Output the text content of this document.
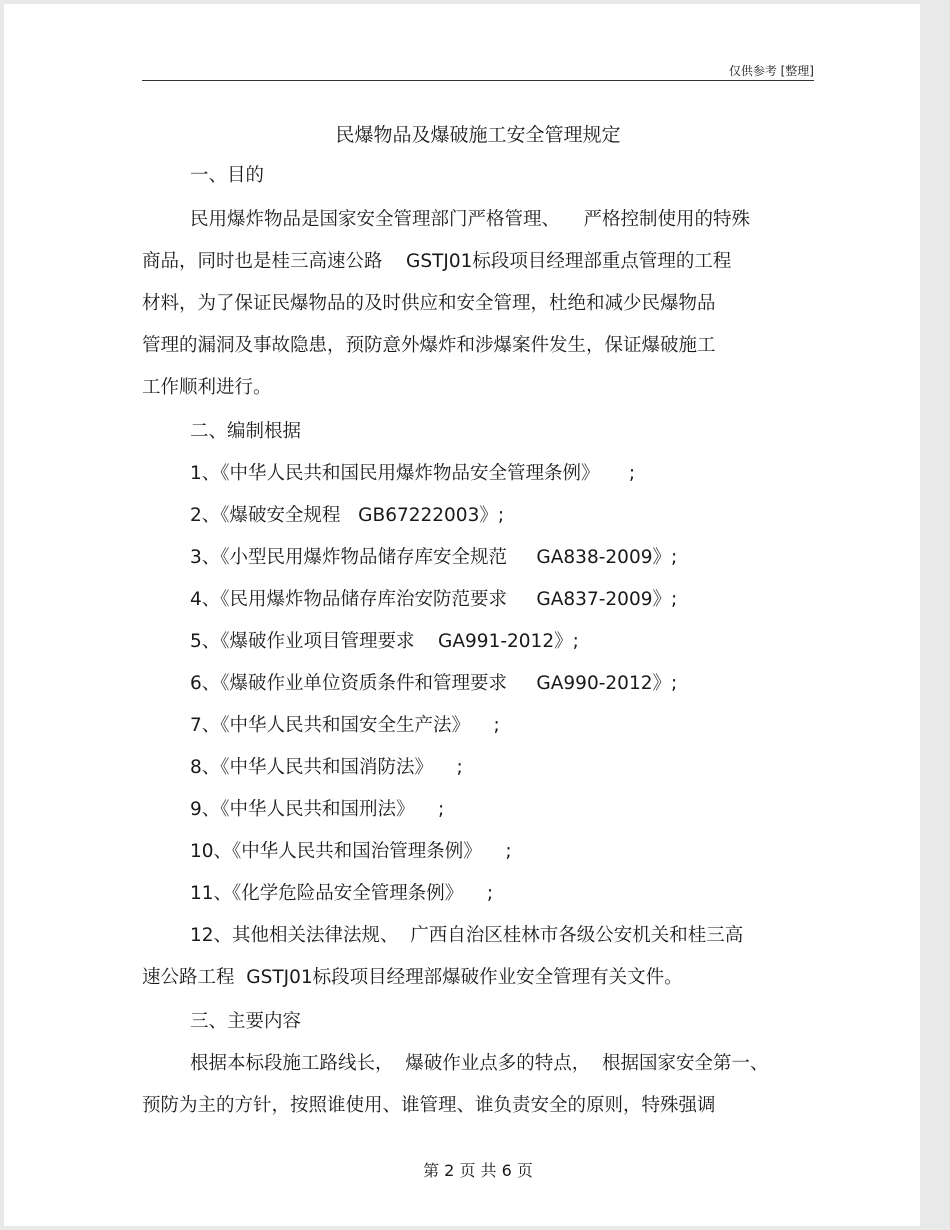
仅供参考 [整理]
民爆物品及爆破施工安全管理规定
一、目的
民用爆炸物品是国家安全管理部门严格管理、    严格控制使用的特殊
商品，同时也是桂三高速公路    GSTJ01标段项目经理部重点管理的工程
材料，为了保证民爆物品的及时供应和安全管理，杜绝和减少民爆物品
管理的漏洞及事故隐患，预防意外爆炸和涉爆案件发生，保证爆破施工
工作顺利进行。
二、编制根据
1、《中华人民共和国民用爆炸物品安全管理条例》     ;
2、《爆破安全规程   GB67222003》;
3、《小型民用爆炸物品储存库安全规范     GA838-2009》;
4、《民用爆炸物品储存库治安防范要求     GA837-2009》;
5、《爆破作业项目管理要求    GA991-2012》;
6、《爆破作业单位资质条件和管理要求     GA990-2012》;
7、《中华人民共和国安全生产法》    ;
8、《中华人民共和国消防法》    ;
9、《中华人民共和国刑法》    ;
10、《中华人民共和国治管理条例》    ;
11、《化学危险品安全管理条例》    ;
12、其他相关法律法规、  广西自治区桂林市各级公安机关和桂三高
速公路工程  GSTJ01标段项目经理部爆破作业安全管理有关文件。
三、主要内容
根据本标段施工路线长，  爆破作业点多的特点，  根据国家安全第一、
预防为主的方针，按照谁使用、谁管理、谁负责安全的原则，特殊强调
第 2 页 共 6 页
